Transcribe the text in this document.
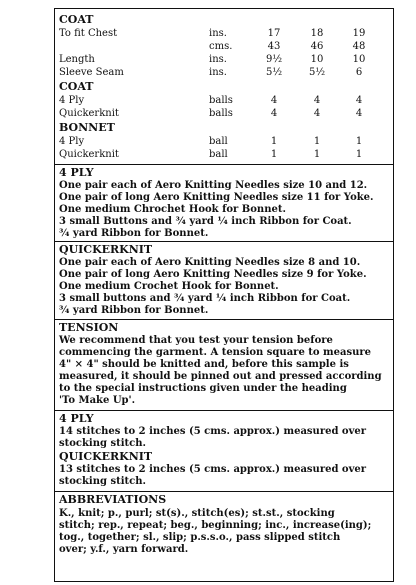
COAT
To fit Chest	ins.	17	18	19
cms.	43	46	48
Length	ins.	9½	10	10
Sleeve Seam	ins.	5½	5½	6
COAT
4 Ply	balls	4	4	4
Quickerknit	balls	4	4	4
BONNET
4 Ply	ball	1	1	1
Quickerknit	ball	1	1	1
4 PLY
One pair each of Aero Knitting Needles size 10 and 12.
One pair of long Aero Knitting Needles size 11 for Yoke.
One medium Chrochet Hook for Bonnet.
3 small Buttons and ¾ yard ¼ inch Ribbon for Coat.
¾ yard Ribbon for Bonnet.
QUICKERKNIT
One pair each of Aero Knitting Needles size 8 and 10.
One pair of long Aero Knitting Needles size 9 for Yoke.
One medium Crochet Hook for Bonnet.
3 small buttons and ¾ yard ¼ inch Ribbon for Coat.
¾ yard Ribbon for Bonnet.
TENSION
We recommend that you test your tension before
commencing the garment. A tension square to measure
4" × 4" should be knitted and, before this sample is
measured, it should be pinned out and pressed according
to the special instructions given under the heading
'To Make Up'.
4 PLY
14 stitches to 2 inches (5 cms. approx.) measured over
stocking stitch.
QUICKERKNIT
13 stitches to 2 inches (5 cms. approx.) measured over
stocking stitch.
ABBREVIATIONS
K., knit; p., purl; st(s)., stitch(es); st.st., stocking
stitch; rep., repeat; beg., beginning; inc., increase(ing);
tog., together; sl., slip; p.s.s.o., pass slipped stitch
over; y.f., yarn forward.
